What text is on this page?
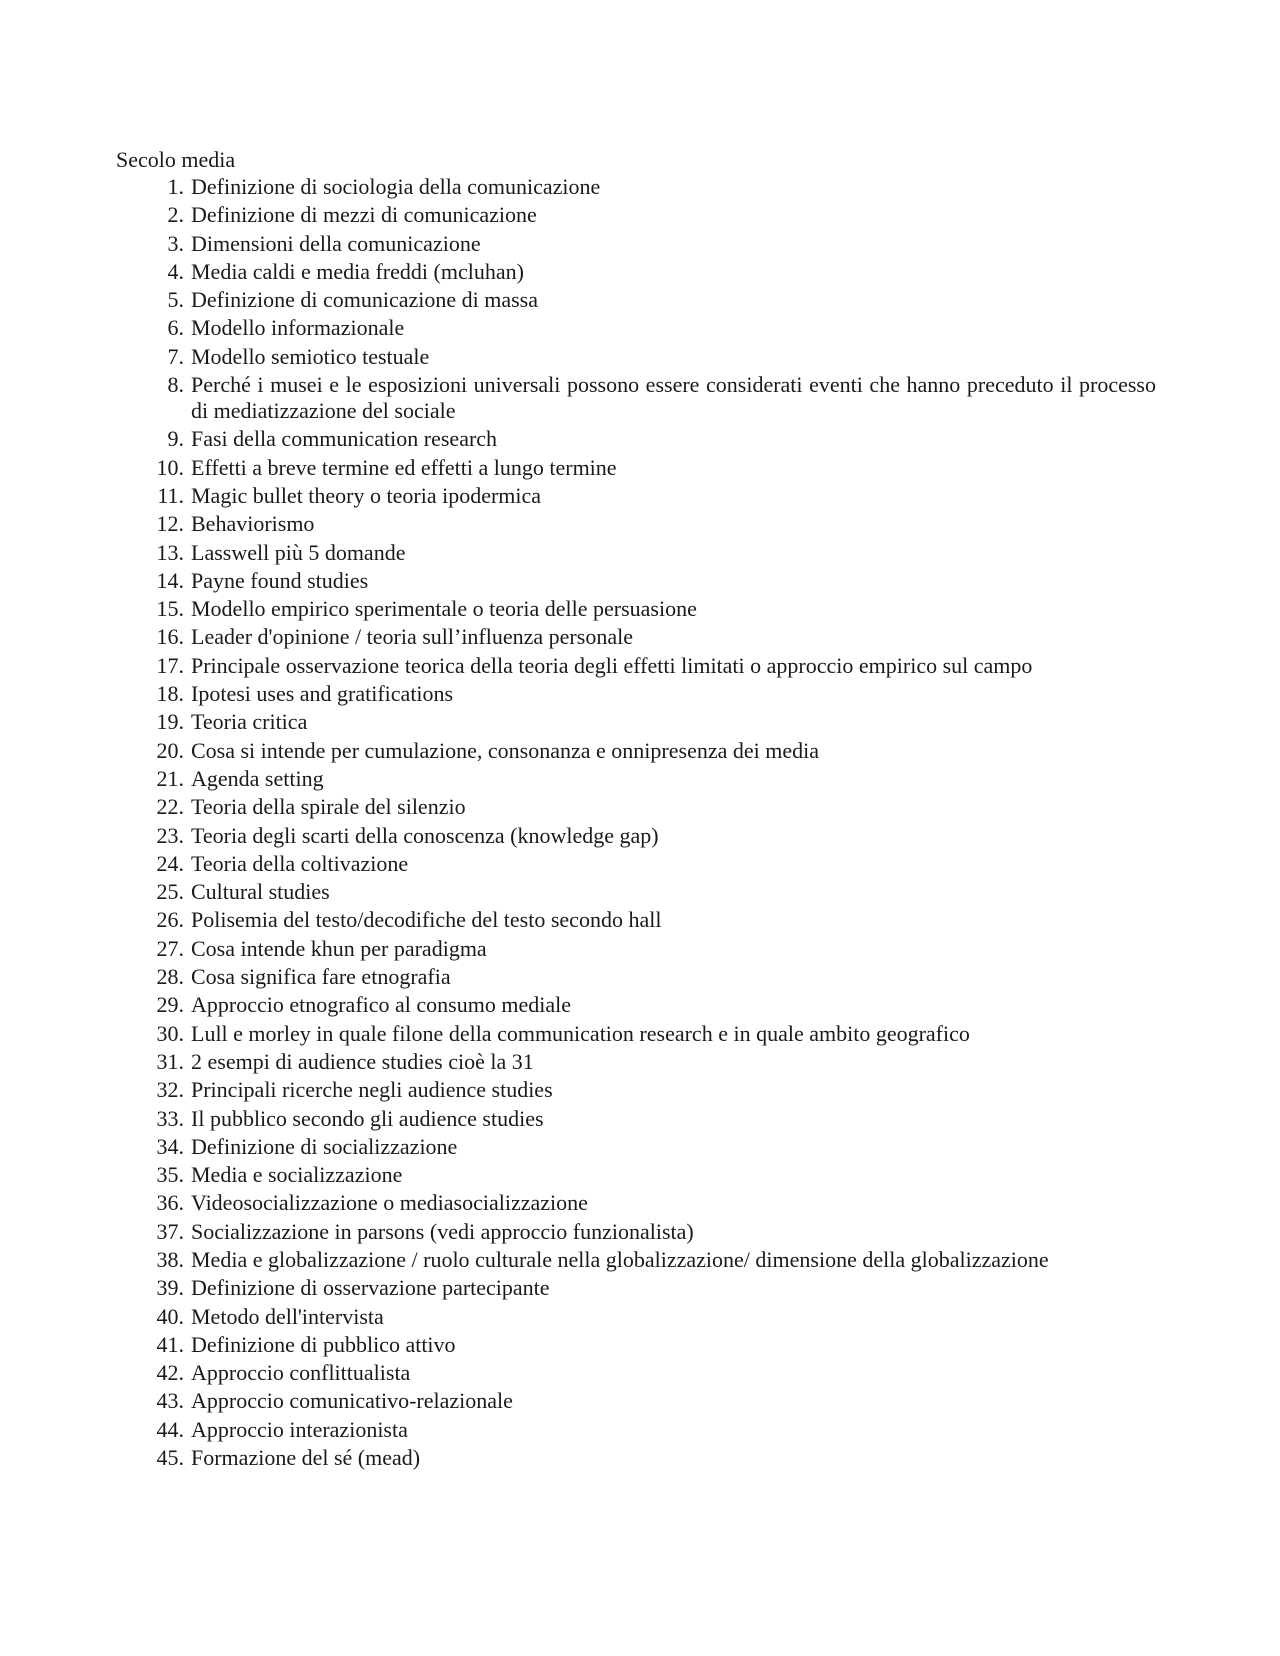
Secolo media

1. Definizione di sociologia della comunicazione
2. Definizione di mezzi di comunicazione
3. Dimensioni della comunicazione
4. Media caldi e media freddi (mcluhan)
5. Definizione di comunicazione di massa
6. Modello informazionale
7. Modello semiotico testuale
8. Perché i musei e le esposizioni universali possono essere considerati eventi che hanno preceduto il processo di mediatizzazione del sociale
9. Fasi della communication research
10. Effetti a breve termine ed effetti a lungo termine
11. Magic bullet theory o teoria ipodermica
12. Behaviorismo
13. Lasswell più 5 domande
14. Payne found studies
15. Modello empirico sperimentale o teoria delle persuasione
16. Leader d'opinione / teoria sull’influenza personale
17. Principale osservazione teorica della teoria degli effetti limitati o approccio empirico sul campo
18. Ipotesi uses and gratifications
19. Teoria critica
20. Cosa si intende per cumulazione, consonanza e onnipresenza dei media
21. Agenda setting
22. Teoria della spirale del silenzio
23. Teoria degli scarti della conoscenza (knowledge gap)
24. Teoria della coltivazione
25. Cultural studies
26. Polisemia del testo/decodifiche del testo secondo hall
27. Cosa intende khun per paradigma
28. Cosa significa fare etnografia
29. Approccio etnografico al consumo mediale
30. Lull e morley in quale filone della communication research e in quale ambito geografico
31. 2 esempi di audience studies cioè la 31
32. Principali ricerche negli audience studies
33. Il pubblico secondo gli audience studies
34. Definizione di socializzazione
35. Media e socializzazione
36. Videosocializzazione o mediasocializzazione
37. Socializzazione in parsons (vedi approccio funzionalista)
38. Media e globalizzazione / ruolo culturale nella globalizzazione/ dimensione della globalizzazione
39. Definizione di osservazione partecipante
40. Metodo dell'intervista
41. Definizione di pubblico attivo
42. Approccio conflittualista
43. Approccio comunicativo-relazionale
44. Approccio interazionista
45. Formazione del sé (mead)
